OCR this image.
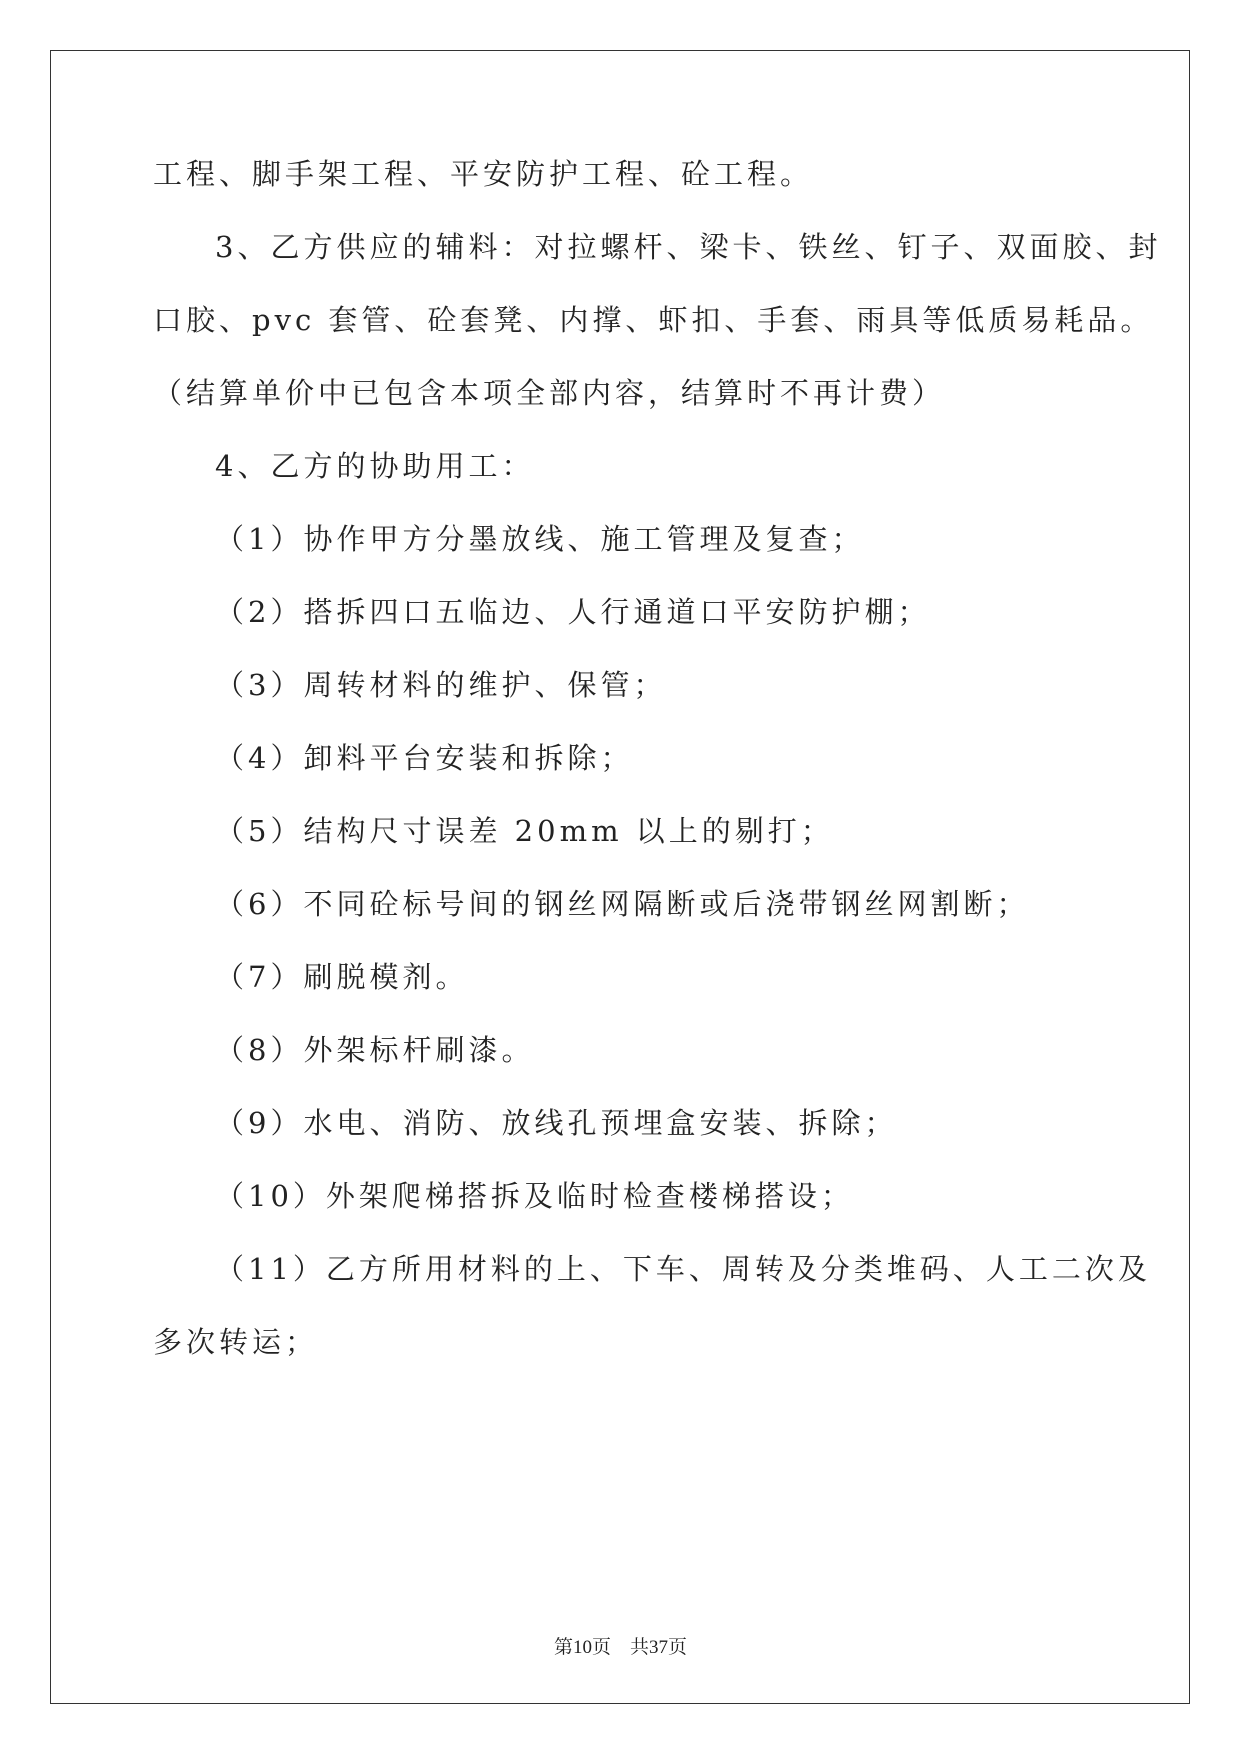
工程、脚手架工程、平安防护工程、砼工程。
3、乙方供应的辅料：对拉螺杆、梁卡、铁丝、钉子、双面胶、封
口胶、pvc 套管、砼套凳、内撑、虾扣、手套、雨具等低质易耗品。
（结算单价中已包含本项全部内容，结算时不再计费）
4、乙方的协助用工：
（1）协作甲方分墨放线、施工管理及复查；
（2）搭拆四口五临边、人行通道口平安防护棚；
（3）周转材料的维护、保管；
（4）卸料平台安装和拆除；
（5）结构尺寸误差 20mm 以上的剔打；
（6）不同砼标号间的钢丝网隔断或后浇带钢丝网割断；
（7）刷脱模剂。
（8）外架标杆刷漆。
（9）水电、消防、放线孔预埋盒安装、拆除；
（10）外架爬梯搭拆及临时检查楼梯搭设；
（11）乙方所用材料的上、下车、周转及分类堆码、人工二次及
多次转运；
第10页　共37页
